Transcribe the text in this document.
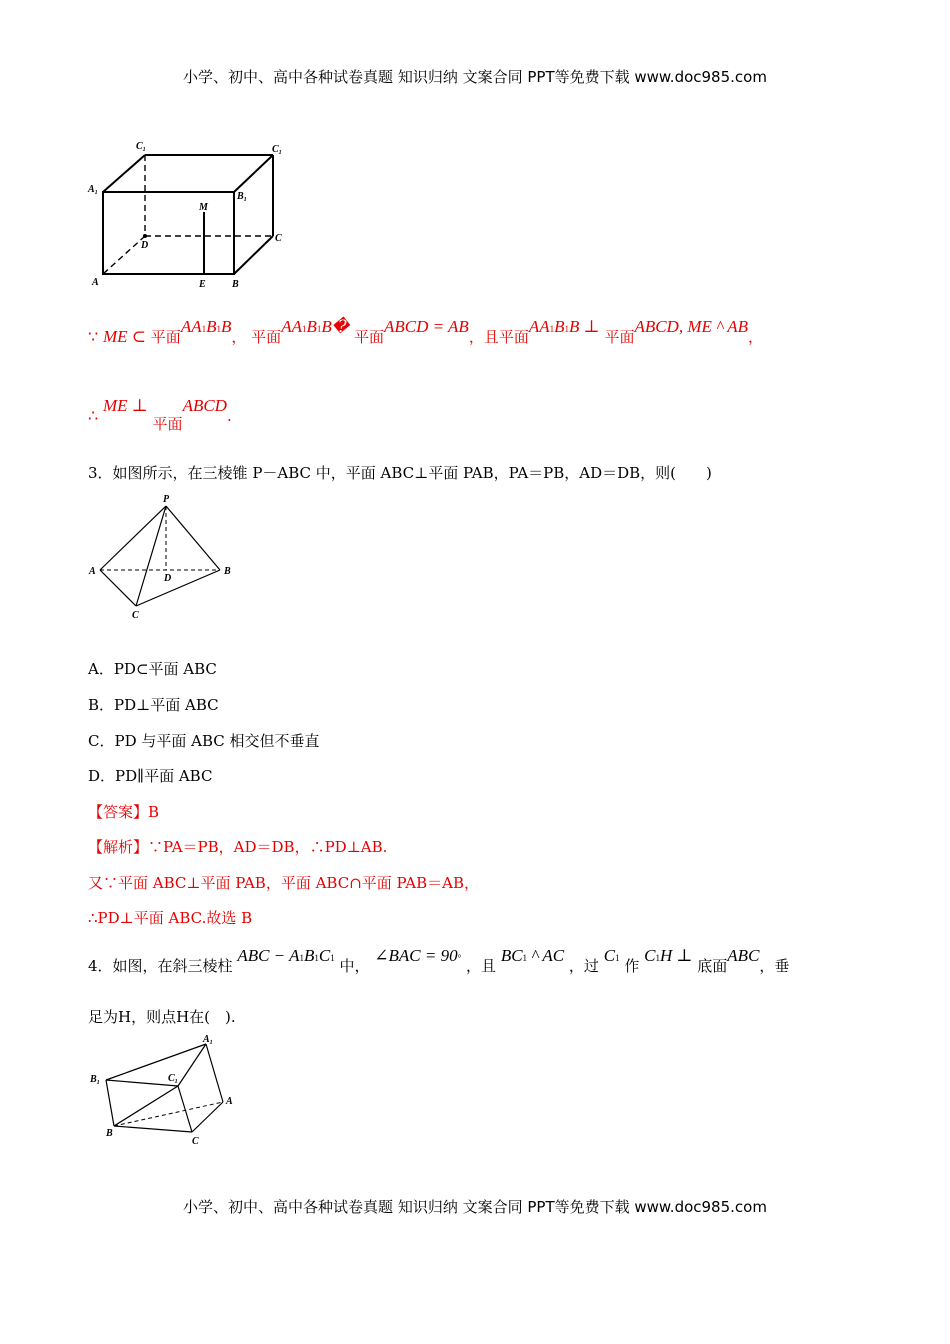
小学、初中、高中各种试卷真题 知识归纳 文案合同 PPT等免费下载 www.doc985.com
$C_1$	$C_1$
$A_1$	$B_1$
M
D
C
A	E	B
∵ ME ⊂ 平面AA1B1B， 平面AA1B1B� 平面ABCD = AB，且平面AA1B1B ⊥ 平面ABCD, ME ^ AB，
∴ ME ⊥ 平面ABCD.
3．如图所示，在三棱锥 P－ABC 中，平面 ABC⊥平面 PAB，PA＝PB，AD＝DB，则(　　)
P
A
D
B
C
A．PD⊂平面 ABC
B．PD⊥平面 ABC
C．PD 与平面 ABC 相交但不垂直
D．PD∥平面 ABC
【答案】B
【解析】∵PA＝PB，AD＝DB，∴PD⊥AB.
又∵平面 ABC⊥平面 PAB，平面 ABC∩平面 PAB＝AB，
∴PD⊥平面 ABC.故选 B
4．如图，在斜三棱柱 ABC − A1B1C1 中， ∠BAC = 90° ，且 BC1 ^ AC ，过 C1 作 C1H ⊥ 底面ABC，垂
足为H，则点H在(　).
$A_1$
$B_1$	$C_1$
A
B
C
小学、初中、高中各种试卷真题 知识归纳 文案合同 PPT等免费下载 www.doc985.com
